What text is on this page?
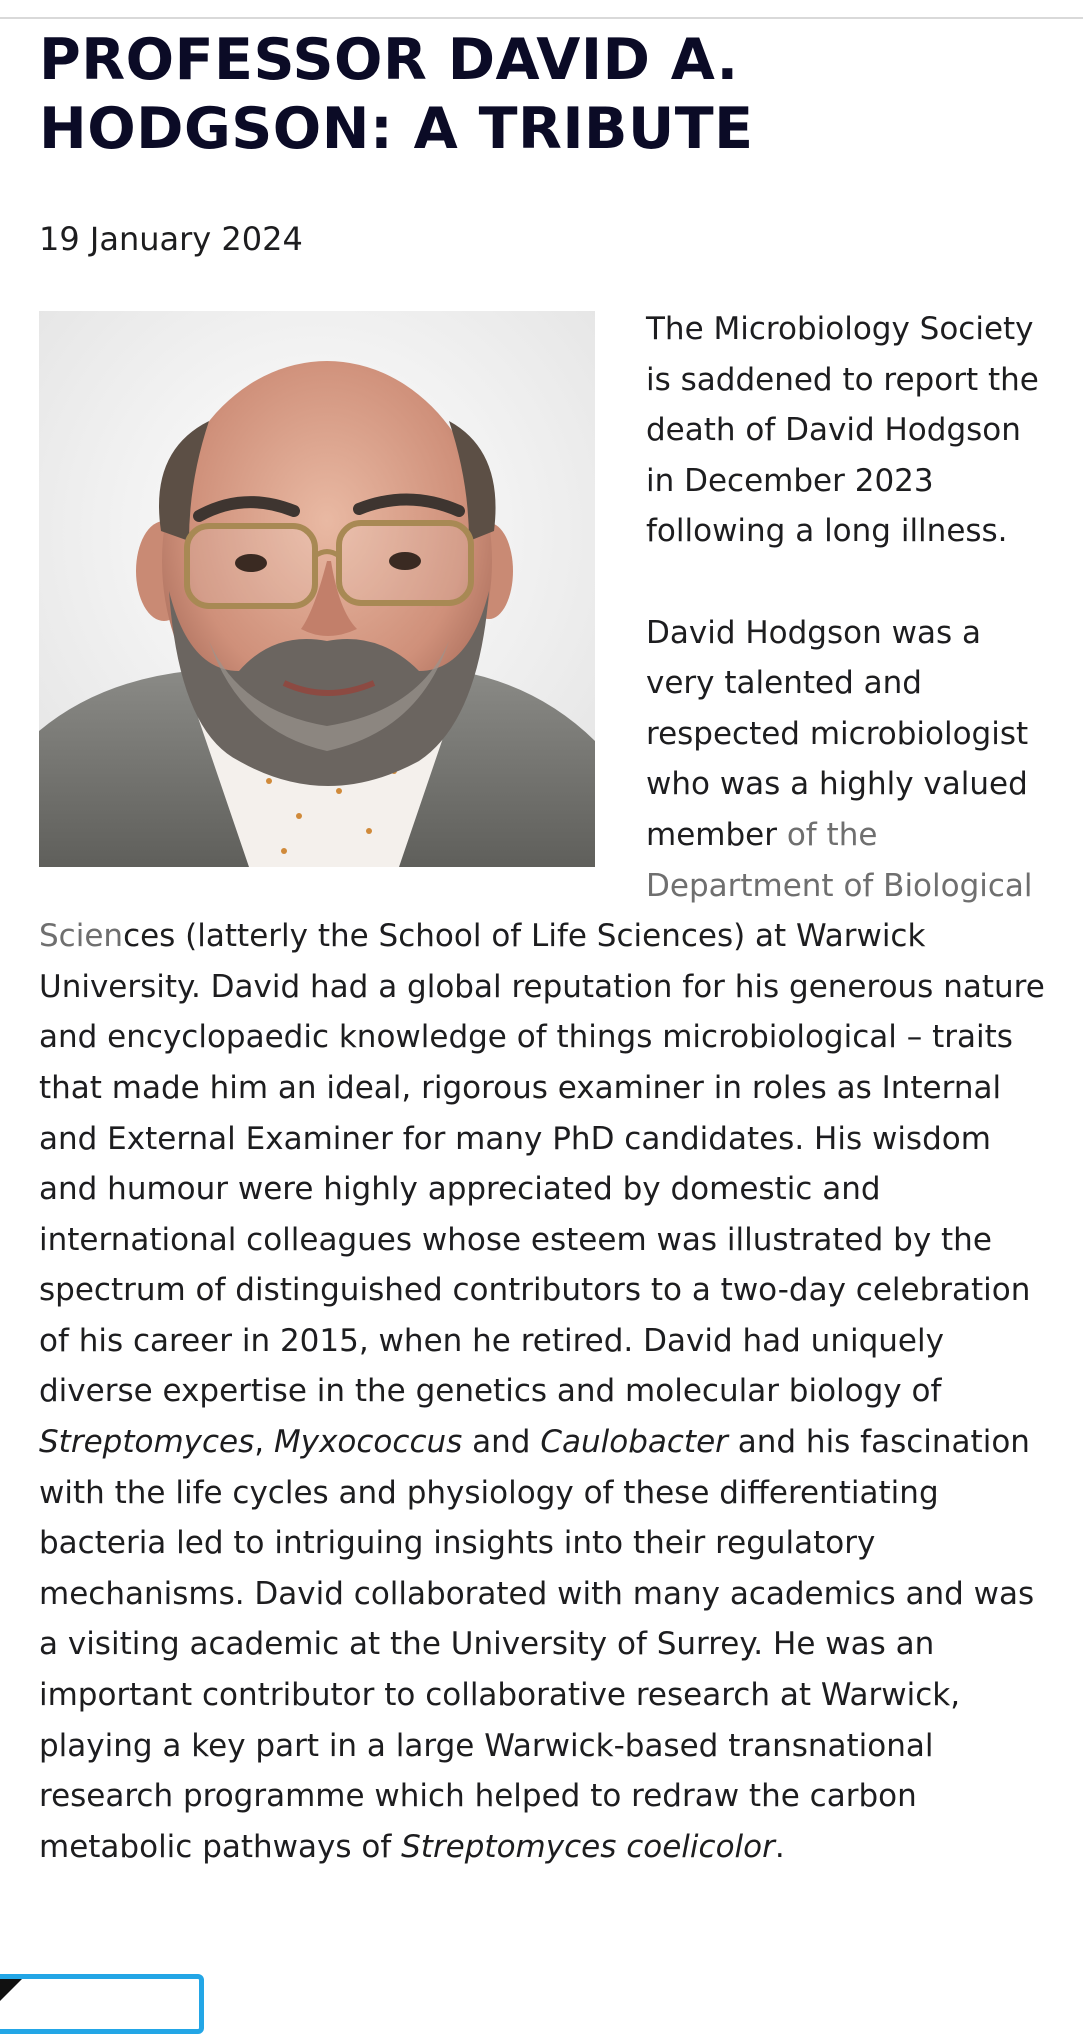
PROFESSOR DAVID A. HODGSON: A TRIBUTE
19 January 2024

The Microbiology Society is saddened to report the death of David Hodgson in December 2023 following a long illness.

David Hodgson was a very talented and respected microbiologist who was a highly valued member of the Department of Biological Sciences (latterly the School of Life Sciences) at Warwick University. David had a global reputation for his generous nature and encyclopaedic knowledge of things microbiological – traits that made him an ideal, rigorous examiner in roles as Internal and External Examiner for many PhD candidates. His wisdom and humour were highly appreciated by domestic and international colleagues whose esteem was illustrated by the spectrum of distinguished contributors to a two-day celebration of his career in 2015, when he retired. David had uniquely diverse expertise in the genetics and molecular biology of Streptomyces, Myxococcus and Caulobacter and his fascination with the life cycles and physiology of these differentiating bacteria led to intriguing insights into their regulatory mechanisms. David collaborated with many academics and was a visiting academic at the University of Surrey. He was an important contributor to collaborative research at Warwick, playing a key part in a large Warwick-based transnational research programme which helped to redraw the carbon metabolic pathways of Streptomyces coelicolor.
